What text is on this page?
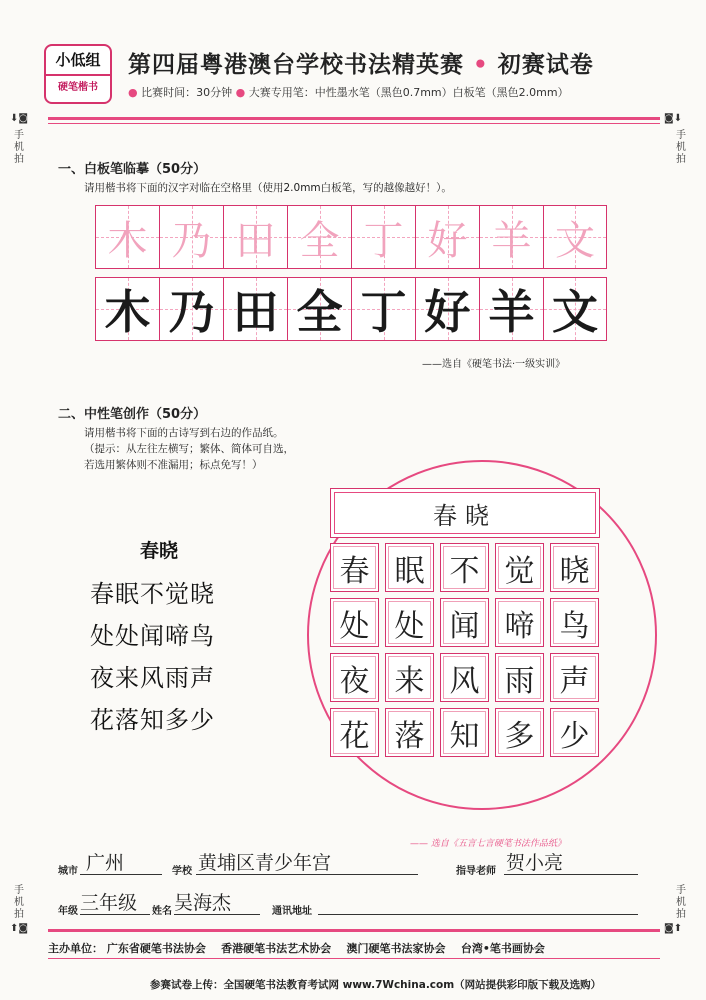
小低组
硬笔楷书
第四届粤港澳台学校书法精英赛 • 初赛试卷
● 比赛时间：30分钟 ● 大赛专用笔：中性墨水笔（黑色0.7mm）白板笔（黑色2.0mm）
⬇◙
手机拍
◙⬇
手机拍
手机拍
⬆◙
手机拍
◙⬆
一、白板笔临摹（50分）
请用楷书将下面的汉字对临在空格里（使用2.0mm白板笔，写的越像越好！）。
木 乃 田 全 丁 好 羊 文
木 乃 田 全 丁 好 羊 文
——选自《硬笔书法·一级实训》
二、中性笔创作（50分）
请用楷书将下面的古诗写到右边的作品纸。
（提示：从左往左横写；繁体、简体可自选，
若选用繁体则不准漏用；标点免写！）
春晓
春眠不觉晓
处处闻啼鸟
夜来风雨声
花落知多少
春晓
春 眠 不 觉 晓
处 处 闻 啼 鸟
夜 来 风 雨 声
花 落 知 多 少
—— 选自《五言七言硬笔书法作品纸》
城市 广州	学校 黄埔区青少年宫	指导老师 贺小亮
年级 三年级 姓名 吴海杰	通讯地址
主办单位： 广东省硬笔书法协会 香港硬笔书法艺术协会 澳门硬笔书法家协会 台湾•笔书画协会
参赛试卷上传：全国硬笔书法教育考试网 www.7Wchina.com（网站提供彩印版下载及选购）
